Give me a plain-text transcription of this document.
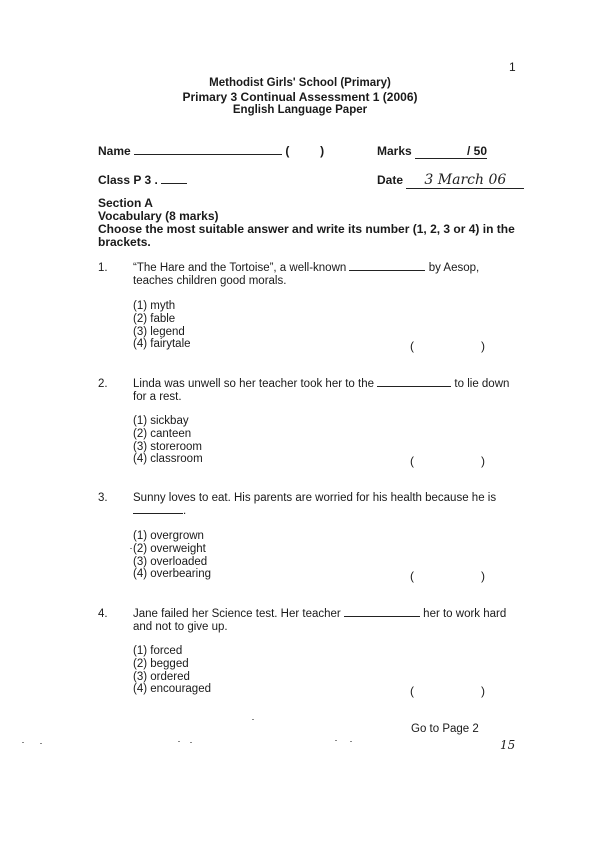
1
Methodist Girls' School (Primary)
Primary 3 Continual Assessment 1 (2006)
English Language Paper
Name	(	)	Marks	/ 50
Class P 3 .	Date 3 March 06
Section A
Vocabulary (8 marks)
Choose the most suitable answer and write its number (1, 2, 3 or 4) in the brackets.
1. “The Hare and the Tortoise”, a well-known	by Aesop,
teaches children good morals.
(1) myth
(2) fable
(3) legend
(4) fairytale	(	)
2. Linda was unwell so her teacher took her to the	to lie down
for a rest.
(1) sickbay
(2) canteen
(3) storeroom
(4) classroom	(	)
3. Sunny loves to eat. His parents are worried for his health because he is
.
(1) overgrown
(2) overweight
(3) overloaded
(4) overbearing	(	)
4. Jane failed her Science test. Her teacher	her to work hard
and not to give up.
(1) forced
(2) begged
(3) ordered
(4) encouraged	(	)
Go to Page 2
15
